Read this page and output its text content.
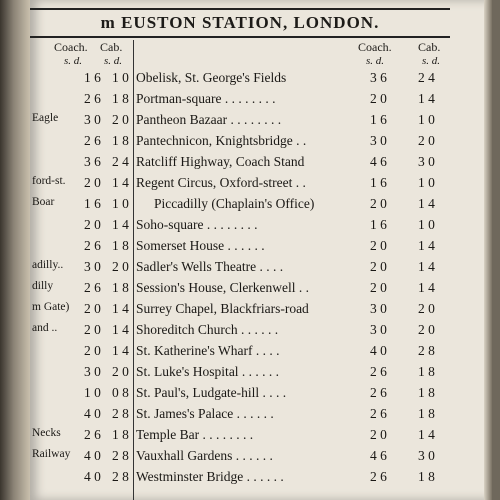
m EUSTON STATION, LONDON.
Coach. Cab.
s. d. s. d.
Coach. Cab.
s. d.	s. d.
1 6 1 0 Obelisk, St. George's Fields	3 6 2 4
2 6 1 8 Portman-square . . . . . . . .	2 0 1 4
Eagle	3 0 2 0 Pantheon Bazaar . . . . . . . .	1 6 1 0
2 6 1 8 Pantechnicon, Knightsbridge . .	3 0 2 0
3 6 2 4 Ratcliff Highway, Coach Stand	4 6 3 0
ford-st.	2 0 1 4 Regent Circus, Oxford-street . .	1 6 1 0
Boar	1 6 1 0	Piccadilly (Chaplain's Office)	2 0 1 4
2 0 1 4 Soho-square . . . . . . . .	1 6 1 0
2 6 1 8 Somerset House . . . . . .	2 0 1 4
adilly..	3 0 2 0 Sadler's Wells Theatre . . . .	2 0 1 4
dilly	2 6 1 8 Session's House, Clerkenwell . .	2 0 1 4
m Gate) 2 0 1 4 Surrey Chapel, Blackfriars-road	3 0 2 0
and ..	2 0 1 4 Shoreditch Church . . . . . .	3 0 2 0
2 0 1 4 St. Katherine's Wharf . . . .	4 0 2 8
3 0 2 0 St. Luke's Hospital . . . . . .	2 6 1 8
1 0 0 8 St. Paul's, Ludgate-hill . . . .	2 6 1 8
4 0 2 8 St. James's Palace . . . . . .	2 6 1 8
Necks	2 6 1 8 Temple Bar . . . . . . . .	2 0 1 4
Railway 4 0 2 8 Vauxhall Gardens . . . . . .	4 6 3 0
4 0 2 8 Westminster Bridge . . . . . .	2 6 1 8
